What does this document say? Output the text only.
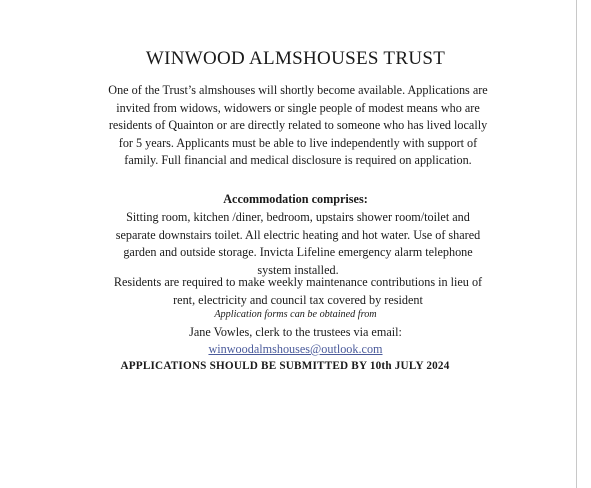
WINWOOD ALMSHOUSES TRUST
One of the Trust’s almshouses will shortly become available. Applications are invited from widows, widowers or single people of modest means who are residents of Quainton or are directly related to someone who has lived locally for 5 years. Applicants must be able to live independently with support of family. Full financial and medical disclosure is required on application.
Accommodation comprises:
Sitting room, kitchen /diner, bedroom, upstairs shower room/toilet and separate downstairs toilet. All electric heating and hot water. Use of shared garden and outside storage. Invicta Lifeline emergency alarm telephone system installed.
Residents are required to make weekly maintenance contributions in lieu of rent, electricity and council tax covered by resident
Application forms can be obtained from
Jane Vowles, clerk to the trustees via email:
winwoodalmshouses@outlook.com
APPLICATIONS SHOULD BE SUBMITTED BY 10th JULY 2024
